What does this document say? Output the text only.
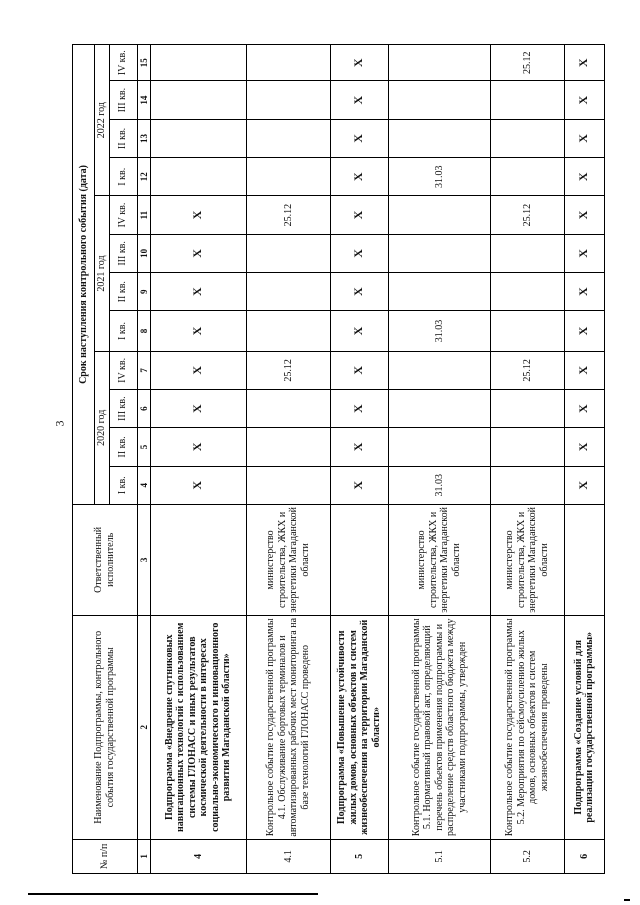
3
№ п/п	Наименование Подпрограммы, контрольного события государственной программы	Ответственный исполнитель	Срок наступления контрольного события (дата)											
			2020 год				2021 год				2022 год			
			I кв.	II кв.	III кв.	IV кв.	I кв.	II кв.	III кв.	IV кв.	I кв.	II кв.	III кв.	IV кв.
1	2	3	4	5	6	7	8	9	10	11	12	13	14	15
4	Подпрограмма «Внедрение спутниковых навигационных технологий с использованием системы ГЛОНАСС и иных результатов космической деятельности в интересах социально-экономического и инновационного развития Магаданской области»		X	X	X	X	X	X	X	X				
4.1	Контрольное событие государственной программы 4.1. Обслуживание бортовых терминалов и автоматизированных рабочих мест мониторинга на базе технологий ГЛОНАСС проведено	министерство строительства, ЖКХ и энергетики Магаданской области				25.12				25.12				
5	Подпрограмма «Повышение устойчивости жилых домов, основных объектов и систем жизнеобеспечения на территории Магаданской области»		X	X	X	X	X	X	X	X	X	X	X	X
5.1	Контрольное событие государственной программы 5.1. Нормативный правовой акт, определяющий перечень объектов применения подпрограммы и распределение средств областного бюджета между участниками подпрограммы, утвержден	министерство строительства, ЖКХ и энергетики Магаданской области	31.03				31.03				31.03			
5.2	Контрольное событие государственной программы 5.2. Мероприятия по сейсмоусилению жилых домов, основных объектов и систем жизнеобеспечения проведены	министерство строительства, ЖКХ и энергетики Магаданской области				25.12				25.12				25.12
6	Подпрограмма «Создание условий для реализации государственной программы»		X	X	X	X	X	X	X	X	X	X	X	X
